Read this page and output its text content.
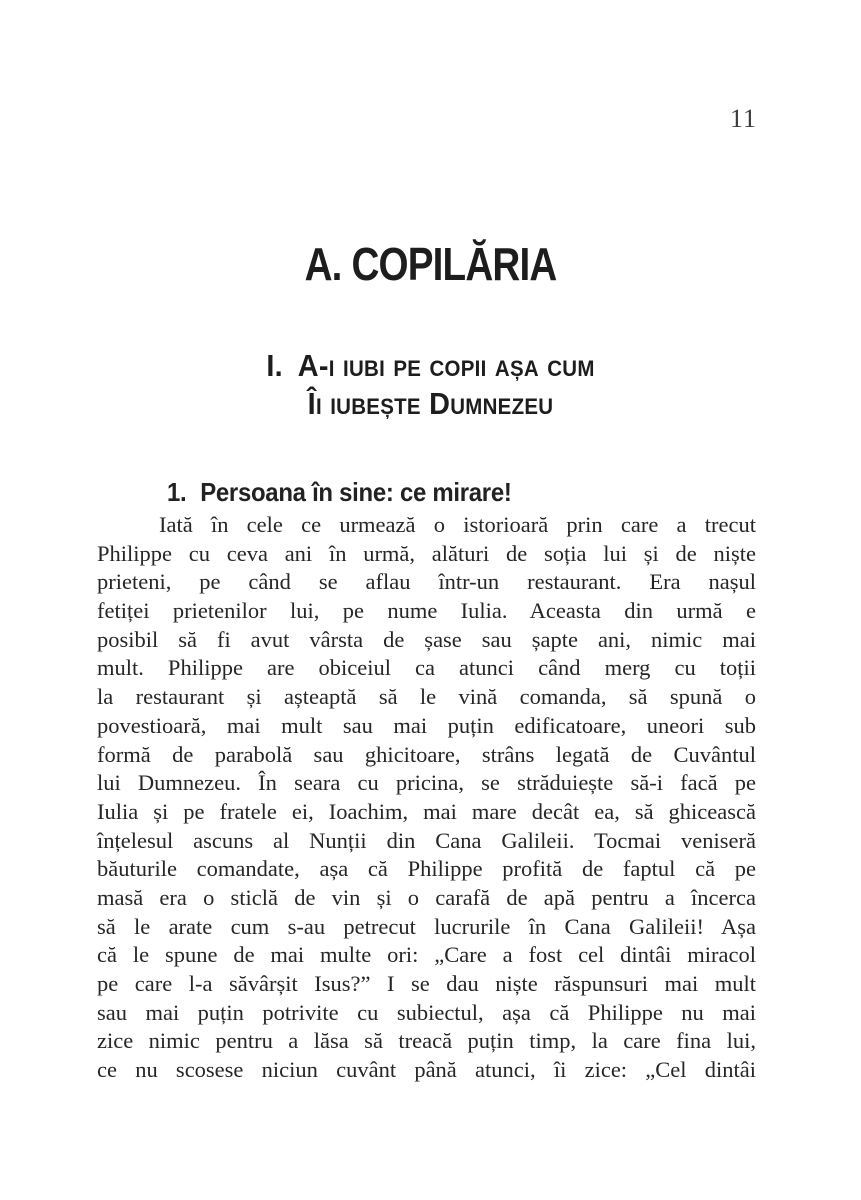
11
A. COPILĂRIA
I. A-i iubi pe copii așa cum
Îi iubește Dumnezeu
1. Persoana în sine: ce mirare!
Iată în cele ce urmează o istorioară prin care a trecut
Philippe cu ceva ani în urmă, alături de soția lui și de niște
prieteni, pe când se aflau într-un restaurant. Era nașul
fetiței prietenilor lui, pe nume Iulia. Aceasta din urmă e
posibil să fi avut vârsta de șase sau șapte ani, nimic mai
mult. Philippe are obiceiul ca atunci când merg cu toții
la restaurant și așteaptă să le vină comanda, să spună o
povestioară, mai mult sau mai puțin edificatoare, uneori sub
formă de parabolă sau ghicitoare, strâns legată de Cuvântul
lui Dumnezeu. În seara cu pricina, se străduiește să-i facă pe
Iulia și pe fratele ei, Ioachim, mai mare decât ea, să ghicească
înțelesul ascuns al Nunții din Cana Galileii. Tocmai veniseră
băuturile comandate, așa că Philippe profită de faptul că pe
masă era o sticlă de vin și o carafă de apă pentru a încerca
să le arate cum s-au petrecut lucrurile în Cana Galileii! Așa
că le spune de mai multe ori: „Care a fost cel dintâi miracol
pe care l-a săvârșit Isus?” I se dau niște răspunsuri mai mult
sau mai puțin potrivite cu subiectul, așa că Philippe nu mai
zice nimic pentru a lăsa să treacă puțin timp, la care fina lui,
ce nu scosese niciun cuvânt până atunci, îi zice: „Cel dintâi
